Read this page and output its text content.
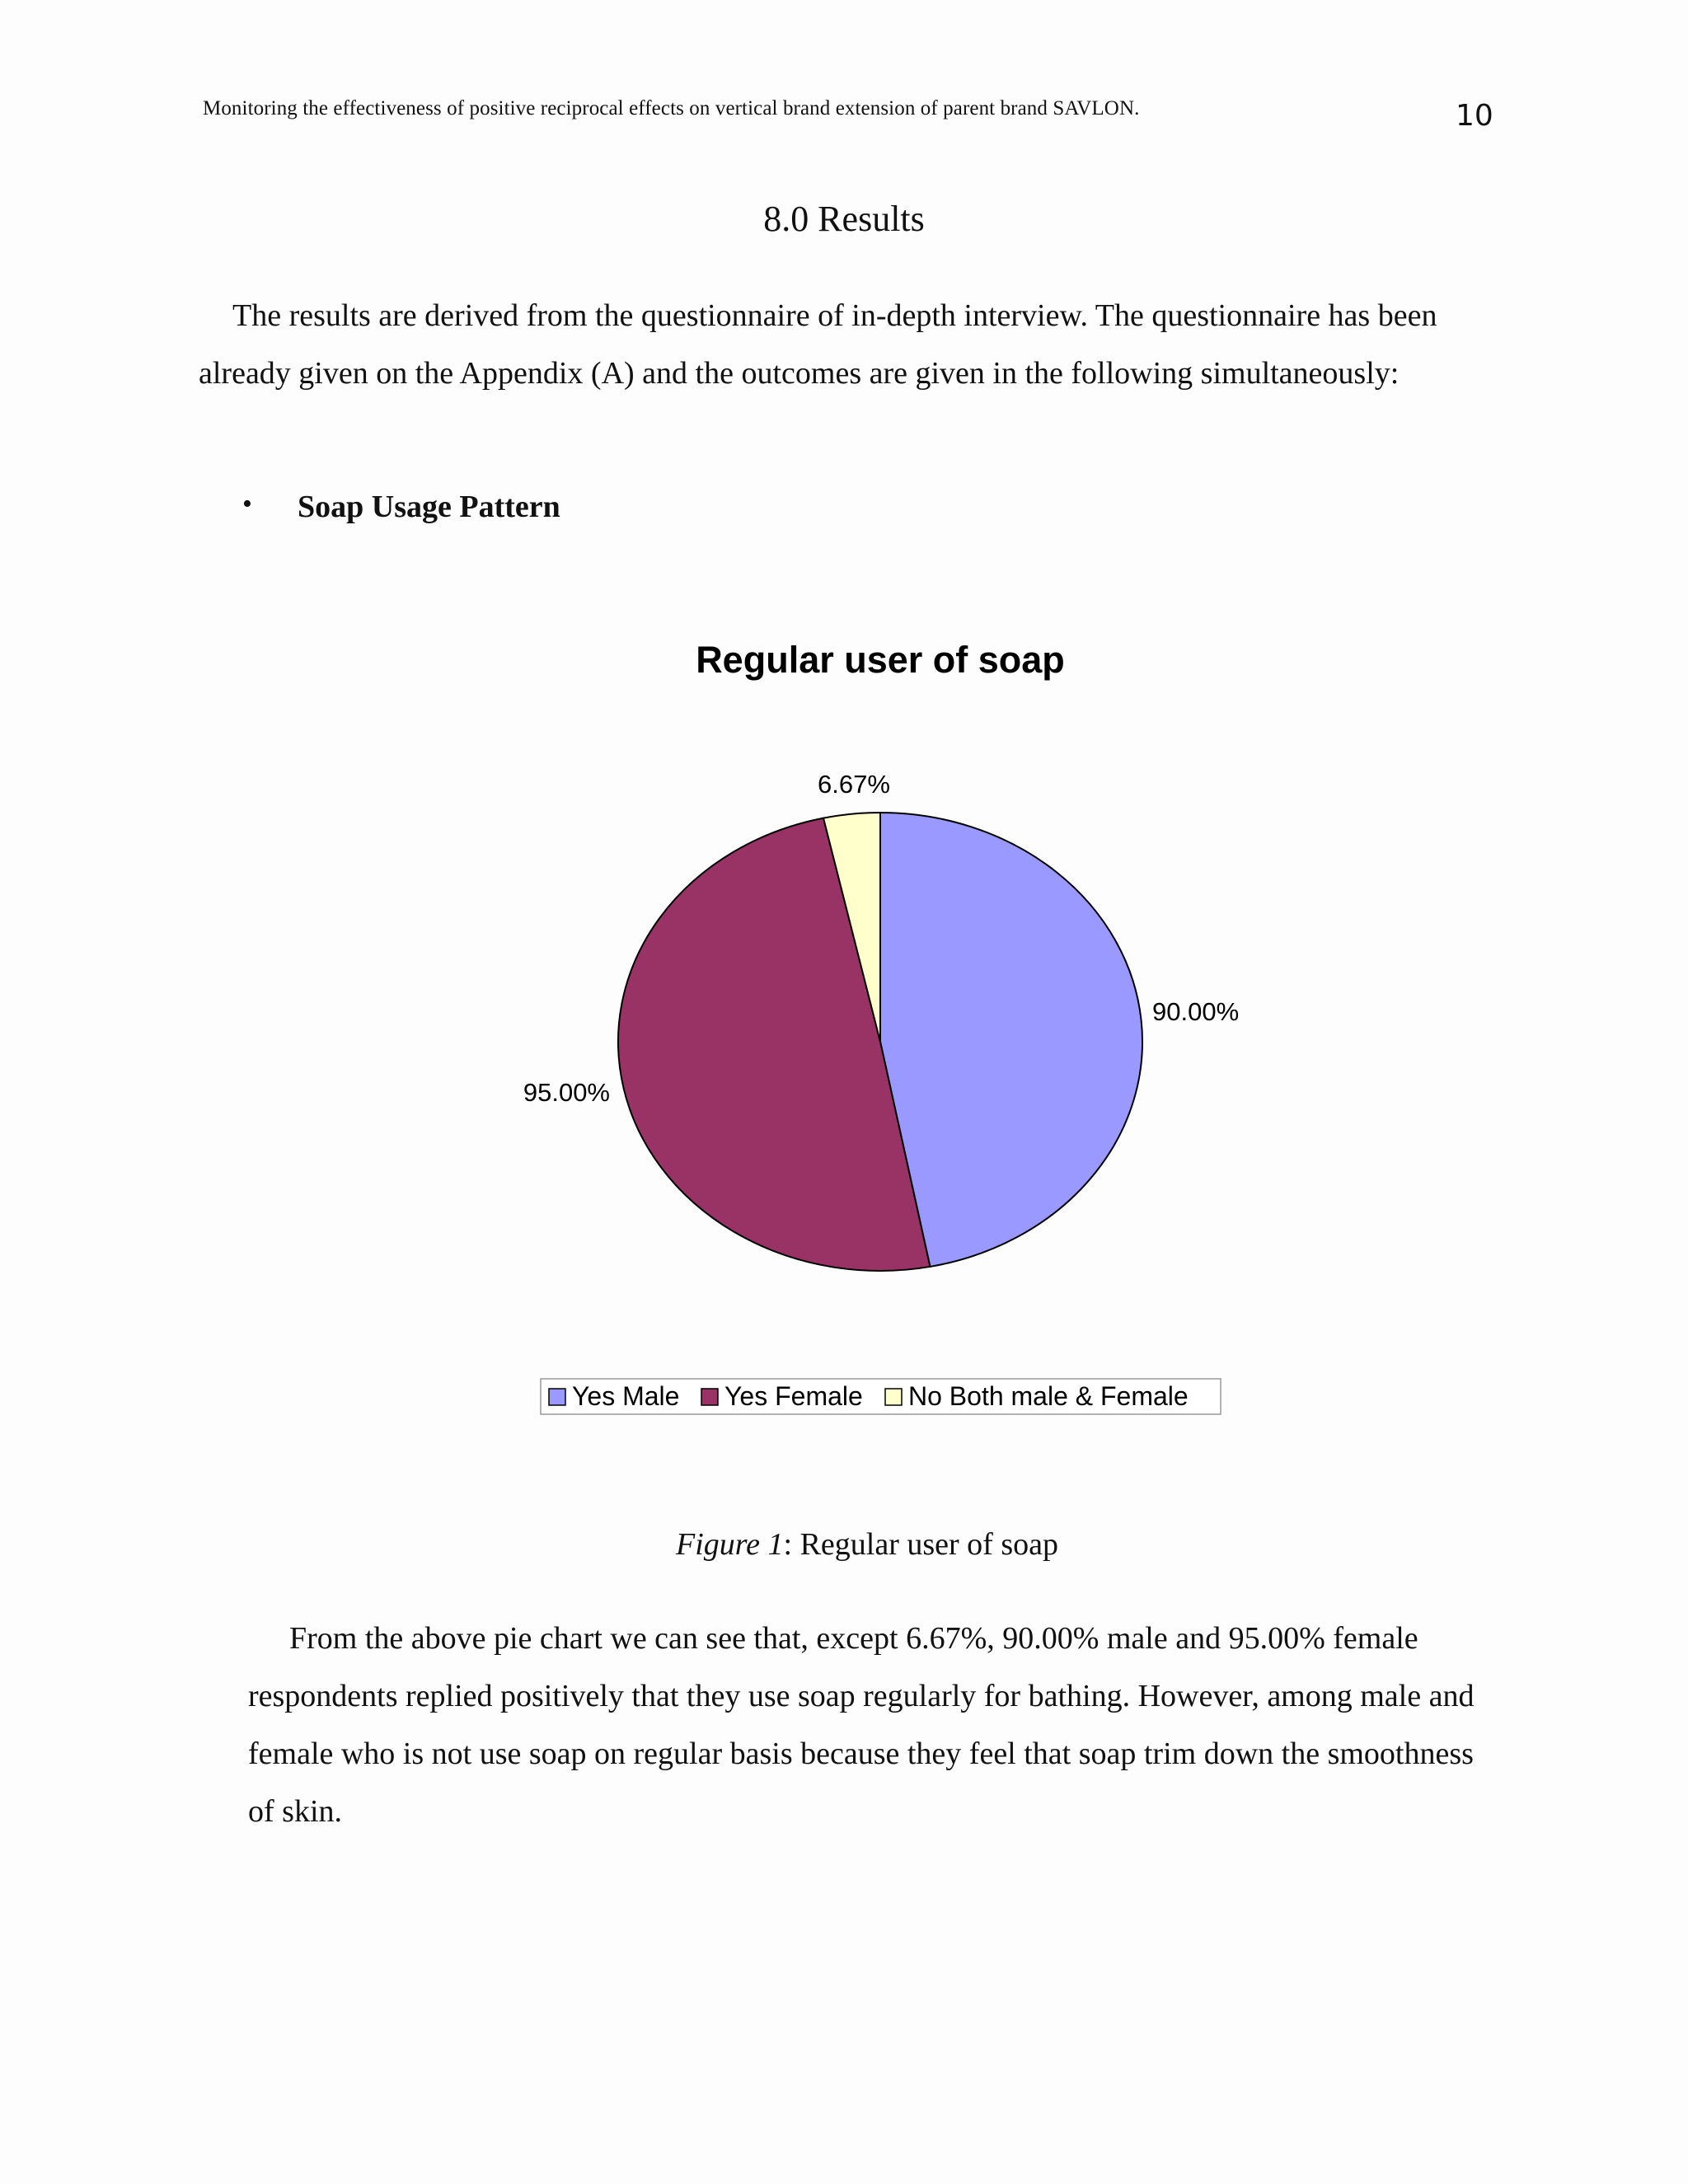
Monitoring the effectiveness of positive reciprocal effects on vertical brand extension of parent brand SAVLON.	10
8.0 Results

The results are derived from the questionnaire of in-depth interview. The questionnaire has been already given on the Appendix (A) and the outcomes are given in the following simultaneously:

• Soap Usage Pattern
Regular user of soap
90.00%
95.00%
6.67%
Yes Male Yes Female No Both male & Female
Figure 1: Regular user of soap

From the above pie chart we can see that, except 6.67%, 90.00% male and 95.00% female respondents replied positively that they use soap regularly for bathing. However, among male and female who is not use soap on regular basis because they feel that soap trim down the smoothness of skin.
